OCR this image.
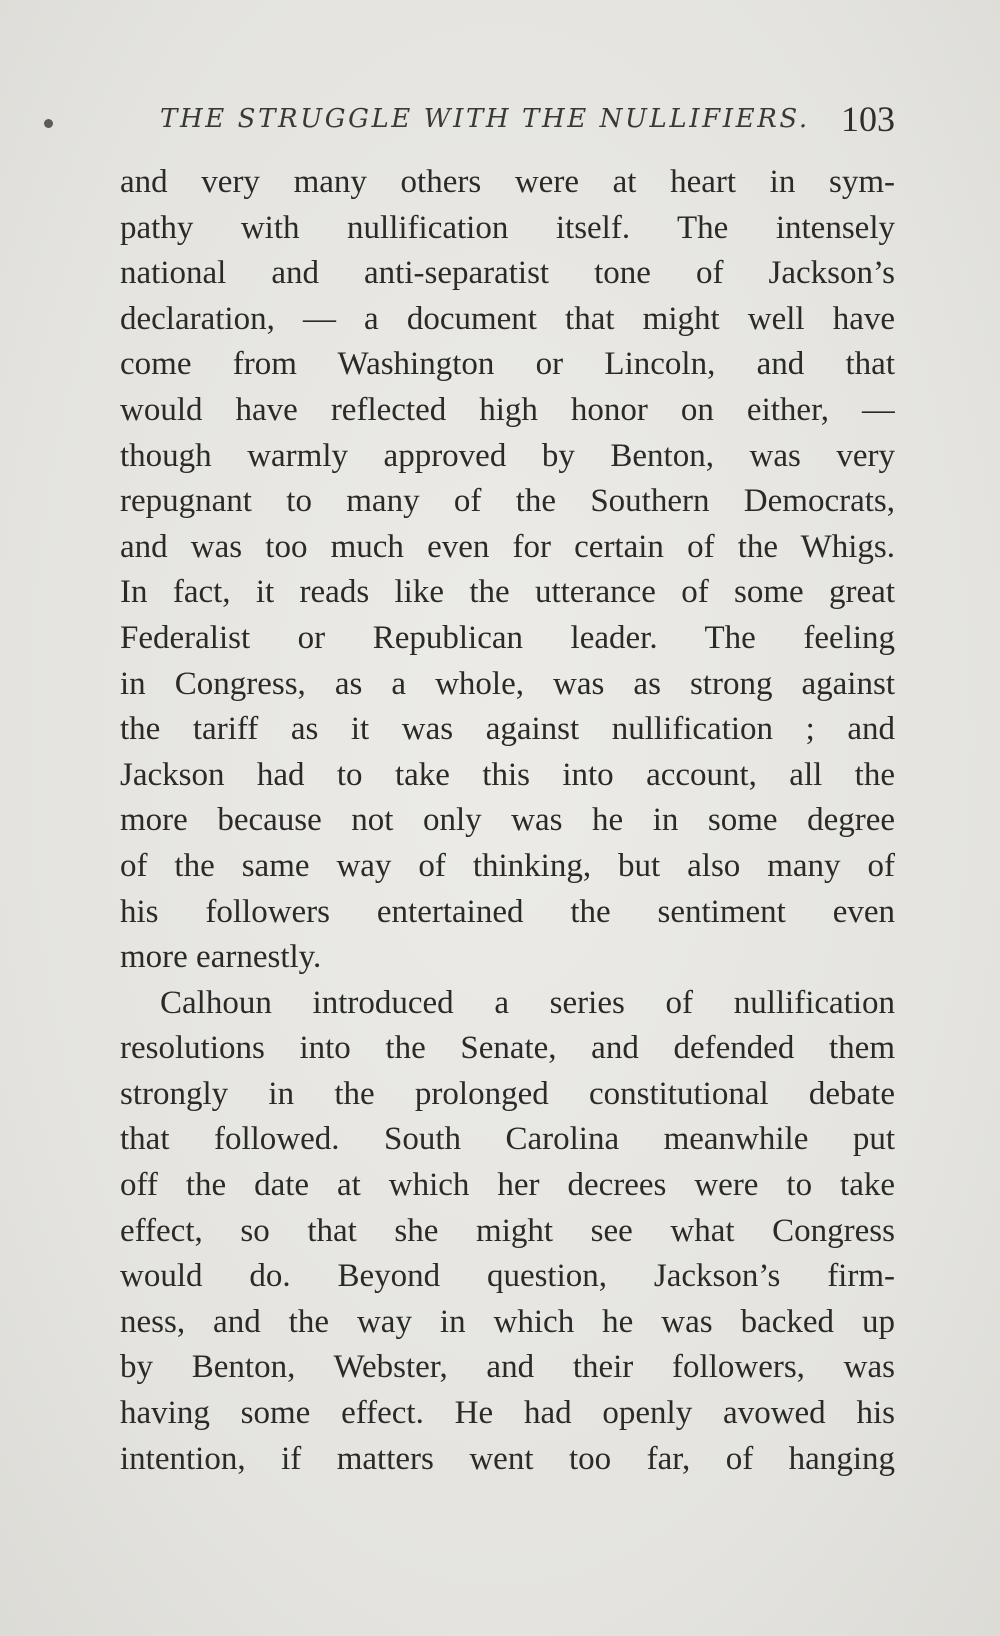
THE STRUGGLE WITH THE NULLIFIERS. 103
and very many others were at heart in sym-
pathy with nullification itself. The intensely
national and anti-separatist tone of Jackson’s
declaration, — a document that might well have
come from Washington or Lincoln, and that
would have reflected high honor on either, —
though warmly approved by Benton, was very
repugnant to many of the Southern Democrats,
and was too much even for certain of the Whigs.
In fact, it reads like the utterance of some great
Federalist or Republican leader. The feeling
in Congress, as a whole, was as strong against
the tariff as it was against nullification ; and
Jackson had to take this into account, all the
more because not only was he in some degree
of the same way of thinking, but also many of
his followers entertained the sentiment even
more earnestly.
Calhoun introduced a series of nullification
resolutions into the Senate, and defended them
strongly in the prolonged constitutional debate
that followed. South Carolina meanwhile put
off the date at which her decrees were to take
effect, so that she might see what Congress
would do. Beyond question, Jackson’s firm-
ness, and the way in which he was backed up
by Benton, Webster, and their followers, was
having some effect. He had openly avowed his
intention, if matters went too far, of hanging
